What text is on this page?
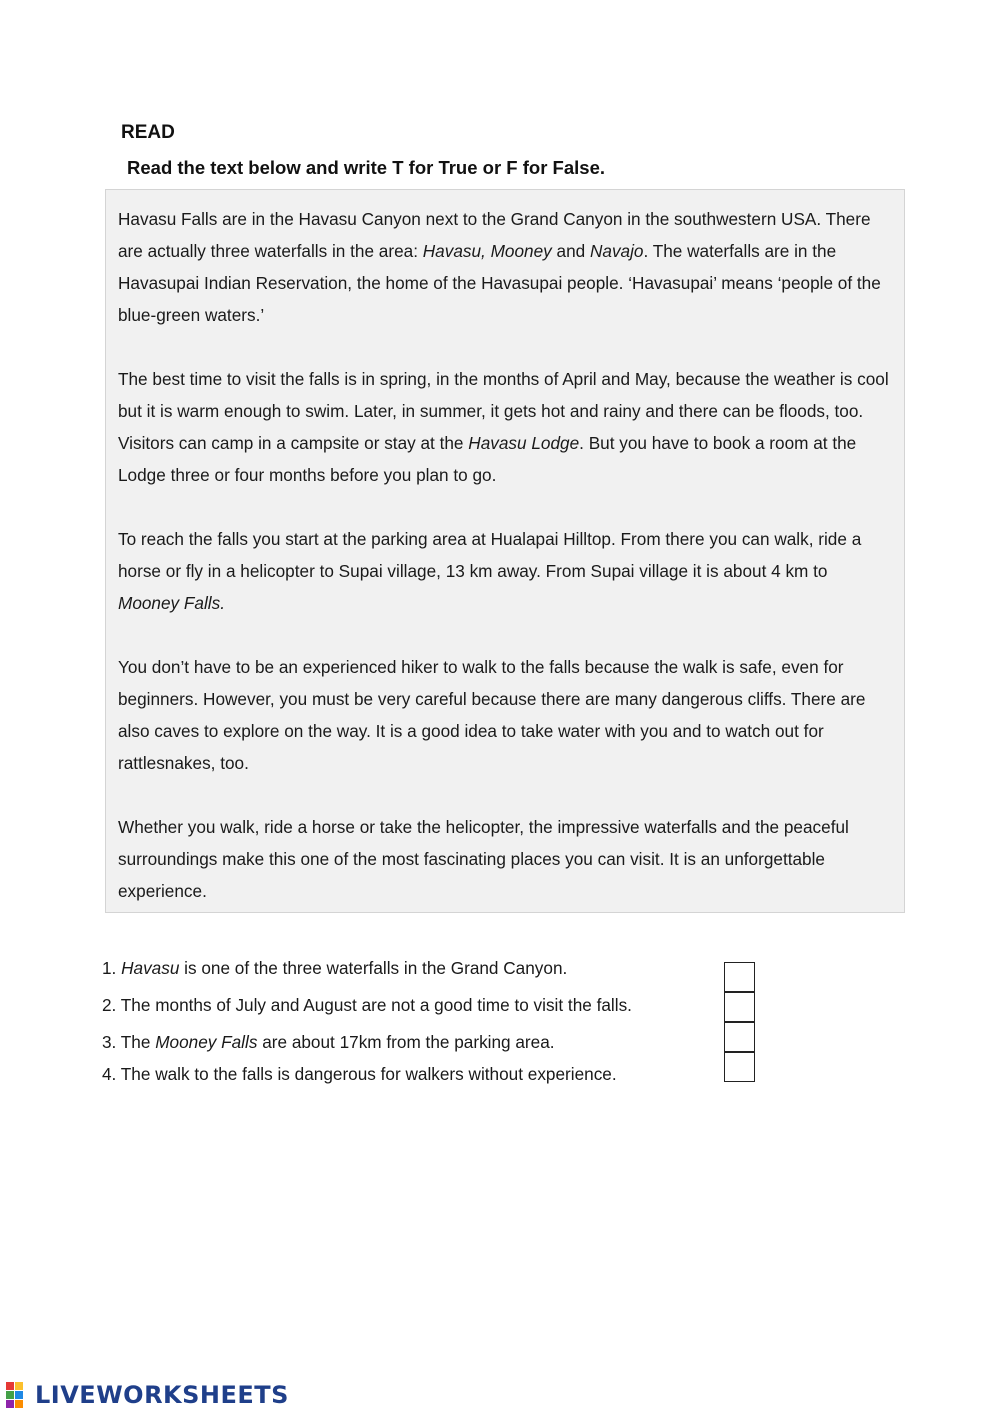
READ
Read the text below and write T for True or F for False.

Havasu Falls are in the Havasu Canyon next to the Grand Canyon in the southwestern USA. There are actually three waterfalls in the area: Havasu, Mooney and Navajo. The waterfalls are in the Havasupai Indian Reservation, the home of the Havasupai people. ‘Havasupai’ means ‘people of the blue-green waters.’

The best time to visit the falls is in spring, in the months of April and May, because the weather is cool but it is warm enough to swim. Later, in summer, it gets hot and rainy and there can be floods, too. Visitors can camp in a campsite or stay at the Havasu Lodge. But you have to book a room at the Lodge three or four months before you plan to go.

To reach the falls you start at the parking area at Hualapai Hilltop. From there you can walk, ride a horse or fly in a helicopter to Supai village, 13 km away. From Supai village it is about 4 km to Mooney Falls.

You don’t have to be an experienced hiker to walk to the falls because the walk is safe, even for beginners. However, you must be very careful because there are many dangerous cliffs. There are also caves to explore on the way. It is a good idea to take water with you and to watch out for rattlesnakes, too.

Whether you walk, ride a horse or take the helicopter, the impressive waterfalls and the peaceful surroundings make this one of the most fascinating places you can visit. It is an unforgettable experience.

1. Havasu is one of the three waterfalls in the Grand Canyon.
2. The months of July and August are not a good time to visit the falls.
3. The Mooney Falls are about 17km from the parking area.
4. The walk to the falls is dangerous for walkers without experience.
LIVEWORKSHEETS
